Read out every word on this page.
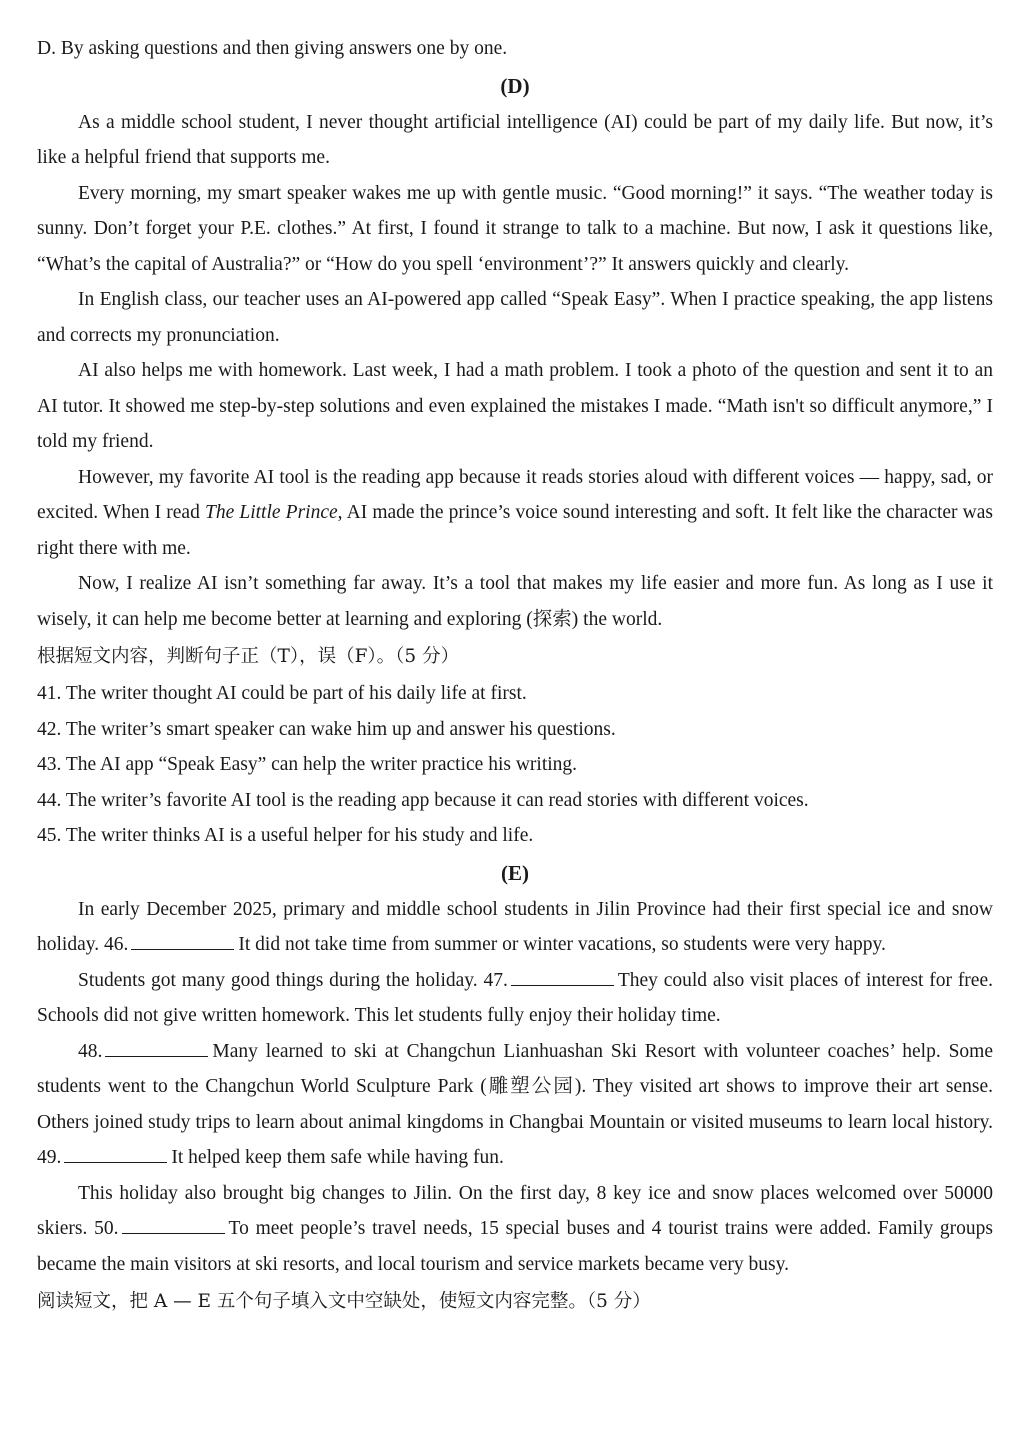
D. By asking questions and then giving answers one by one.

(D)

As a middle school student, I never thought artificial intelligence (AI) could be part of my daily life. But now, it’s like a helpful friend that supports me.

Every morning, my smart speaker wakes me up with gentle music. “Good morning!” it says. “The weather today is sunny. Don’t forget your P.E. clothes.” At first, I found it strange to talk to a machine. But now, I ask it questions like, “What’s the capital of Australia?” or “How do you spell ‘environment’?” It answers quickly and clearly.

In English class, our teacher uses an AI-powered app called “Speak Easy”. When I practice speaking, the app listens and corrects my pronunciation.

AI also helps me with homework. Last week, I had a math problem. I took a photo of the question and sent it to an AI tutor. It showed me step-by-step solutions and even explained the mistakes I made. “Math isn't so difficult anymore,” I told my friend.

However, my favorite AI tool is the reading app because it reads stories aloud with different voices — happy, sad, or excited. When I read The Little Prince, AI made the prince’s voice sound interesting and soft. It felt like the character was right there with me.

Now, I realize AI isn’t something far away. It’s a tool that makes my life easier and more fun. As long as I use it wisely, it can help me become better at learning and exploring (探索) the world.

根据短文内容，判断句子正（T），误（F）。（5 分）

41. The writer thought AI could be part of his daily life at first.

42. The writer’s smart speaker can wake him up and answer his questions.

43. The AI app “Speak Easy” can help the writer practice his writing.

44. The writer’s favorite AI tool is the reading app because it can read stories with different voices.

45. The writer thinks AI is a useful helper for his study and life.

(E)

In early December 2025, primary and middle school students in Jilin Province had their first special ice and snow holiday. 46.	It did not take time from summer or winter vacations, so students were very happy.

Students got many good things during the holiday. 47.	They could also visit places of interest for free. Schools did not give written homework. This let students fully enjoy their holiday time.

48.	Many learned to ski at Changchun Lianhuashan Ski Resort with volunteer coaches’ help. Some students went to the Changchun World Sculpture Park (雕塑公园). They visited art shows to improve their art sense. Others joined study trips to learn about animal kingdoms in Changbai Mountain or visited museums to learn local history. 49.	It helped keep them safe while having fun.

This holiday also brought big changes to Jilin. On the first day, 8 key ice and snow places welcomed over 50000 skiers. 50.	To meet people’s travel needs, 15 special buses and 4 tourist trains were added. Family groups became the main visitors at ski resorts, and local tourism and service markets became very busy.

阅读短文，把 A — E 五个句子填入文中空缺处，使短文内容完整。（5 分）
